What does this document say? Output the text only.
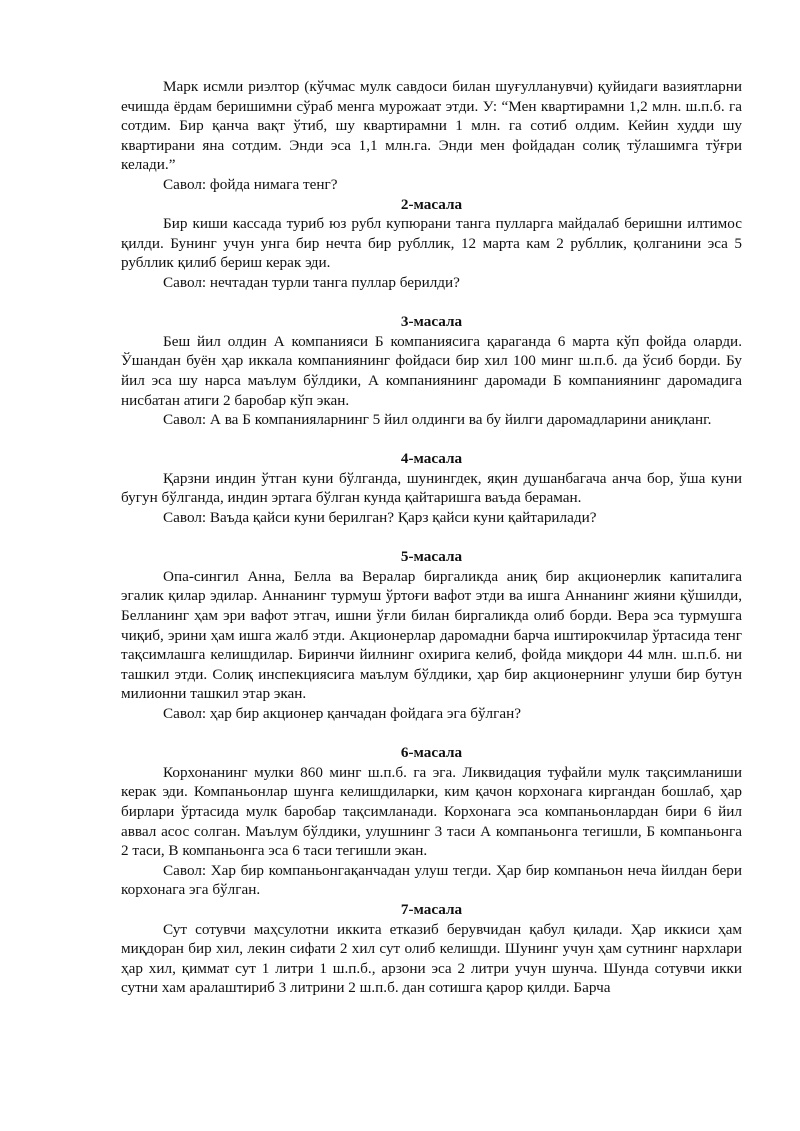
Марк исмли риэлтор (кўчмас мулк савдоси билан шуғулланувчи) қуйидаги вазиятларни ечишда ёрдам беришимни сўраб менга мурожаат этди. У: “Мен квартирамни 1,2 млн. ш.п.б. га сотдим. Бир қанча вақт ўтиб, шу квартирамни 1 млн. га сотиб олдим. Кейин худди шу квартирани яна сотдим. Энди эса 1,1 млн.га. Энди мен фойдадан солиқ тўлашимга тўғри келади.”

Савол: фойда нимага тенг?

2-масала

Бир киши кассада туриб юз рубл купюрани танга пулларга майдалаб беришни илтимос қилди. Бунинг учун унга бир нечта бир рубллик, 12 марта кам 2 рубллик, қолганини эса 5 рубллик қилиб бериш керак эди.

Савол: нечтадан турли танга пуллар берилди?

3-масала

Беш йил олдин А компанияси Б компаниясига қараганда 6 марта кўп фойда оларди. Ўшандан буён ҳар иккала компаниянинг фойдаси бир хил 100 минг ш.п.б. да ўсиб борди. Бу йил эса шу нарса маълум бўлдики, А компаниянинг даромади Б компаниянинг даромадига нисбатан атиги 2 баробар кўп экан.

Савол: А ва Б компанияларнинг 5 йил олдинги ва бу йилги даромадларини аниқланг.

4-масала

Қарзни индин ўтган куни бўлганда, шунингдек, яқин душанбагача анча бор, ўша куни бугун бўлганда, индин эртага бўлган кунда қайтаришга ваъда бераман.

Савол: Ваъда қайси куни берилган? Қарз қайси куни қайтарилади?

5-масала

Опа-сингил Анна, Белла ва Вералар биргаликда аниқ бир акционерлик капиталига эгалик қилар эдилар. Аннанинг турмуш ўртоғи вафот этди ва ишга Аннанинг жияни қўшилди, Белланинг ҳам эри вафот этгач, ишни ўғли билан биргаликда олиб борди. Вера эса турмушга чиқиб, эрини ҳам ишга жалб этди. Акционерлар даромадни барча иштирокчилар ўртасида тенг тақсимлашга келишдилар. Биринчи йилнинг охирига келиб, фойда миқдори 44 млн. ш.п.б. ни ташкил этди. Солиқ инспекциясига маълум бўлдики, ҳар бир акционернинг улуши бир бутун милионни ташкил этар экан.

Савол: ҳар бир акционер қанчадан фойдага эга бўлган?

6-масала

Корхонанинг мулки 860 минг ш.п.б. га эга. Ликвидация туфайли мулк тақсимланиши керак эди. Компаньонлар шунга келишдиларки, ким қачон корхонага киргандан бошлаб, ҳар бирлари ўртасида мулк баробар тақсимланади. Корхонага эса компаньонлардан бири 6 йил аввал асос солган. Маълум бўлдики, улушнинг 3 таси А компаньонга тегишли, Б компаньонга 2 таси, В компаньонга эса 6 таси тегишли экан.

Савол: Хар бир компаньонгақанчадан улуш тегди. Ҳар бир компаньон неча йилдан бери корхонага эга бўлган.

7-масала

Сут сотувчи маҳсулотни иккита етказиб берувчидан қабул қилади. Ҳар иккиси ҳам миқдоран бир хил, лекин сифати 2 хил сут олиб келишди. Шунинг учун ҳам сутнинг нархлари ҳар хил, қиммат сут 1 литри 1 ш.п.б., арзони эса 2 литри учун шунча. Шунда сотувчи икки сутни хам аралаштириб 3 литрини 2 ш.п.б. дан сотишга қарор қилди. Барча
